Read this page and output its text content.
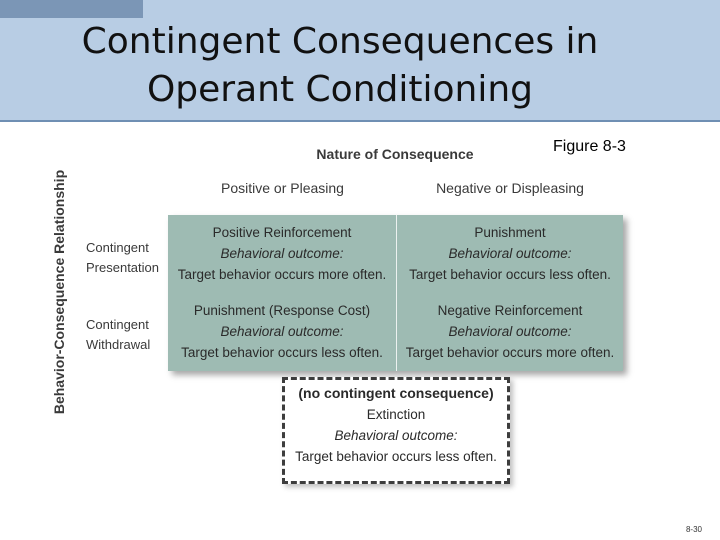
Contingent Consequences in
Operant Conditioning
Figure 8-3
Behavior-Consequence Relationship
Nature of Consequence
Positive or Pleasing	Negative or Displeasing
Contingent
Presentation
Contingent
Withdrawal
Positive Reinforcement
Behavioral outcome:
Target behavior occurs more often.
Punishment
Behavioral outcome:
Target behavior occurs less often.
Punishment (Response Cost)
Behavioral outcome:
Target behavior occurs less often.
Negative Reinforcement
Behavioral outcome:
Target behavior occurs more often.
(no contingent consequence)
Extinction
Behavioral outcome:
Target behavior occurs less often.
8-30
